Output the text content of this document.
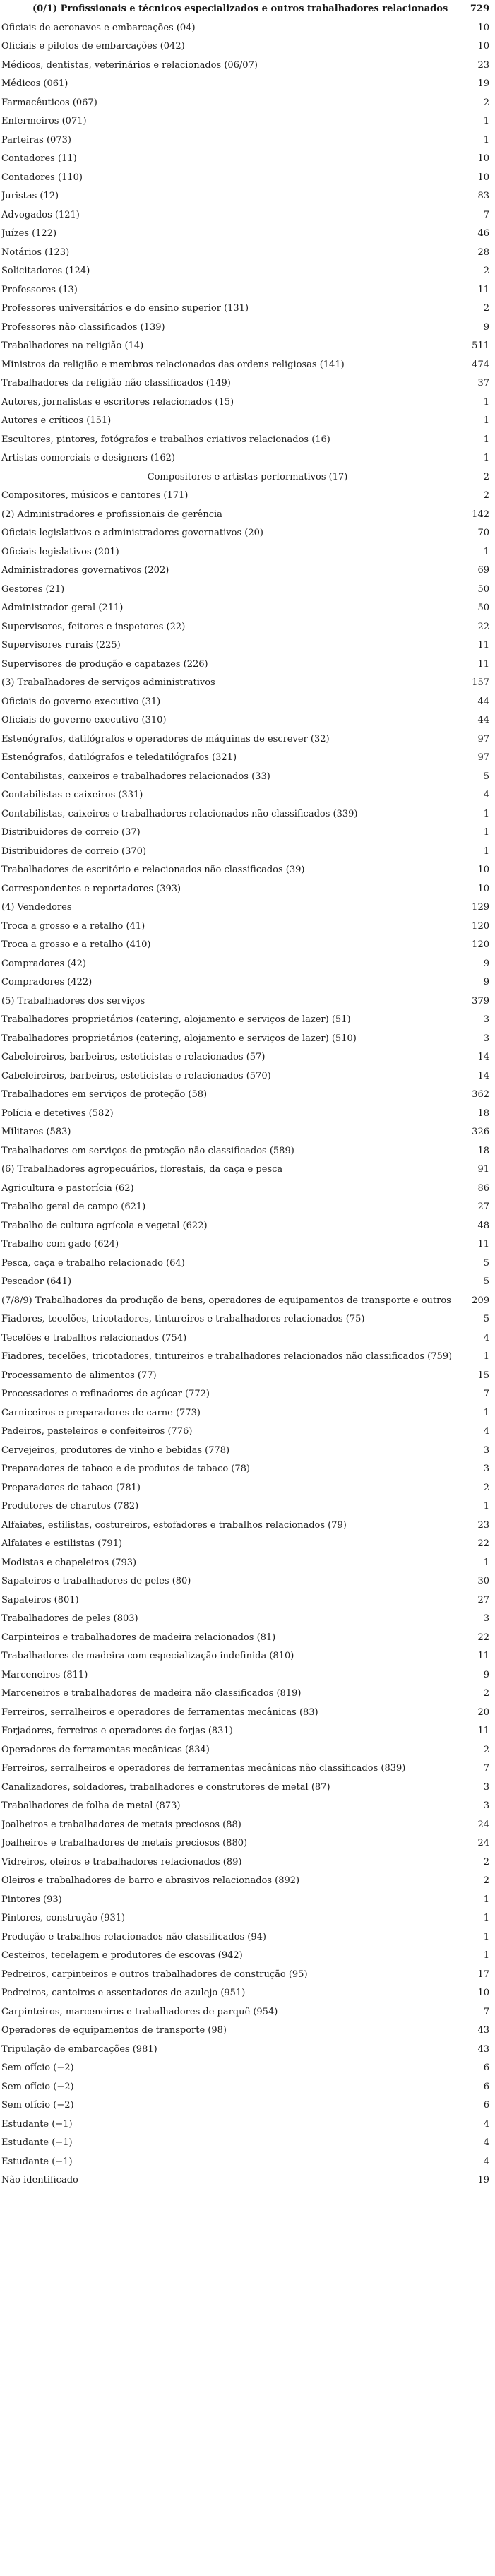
(0/1) Profissionais e técnicos especializados e outros trabalhadores relacionados	729
Oficiais de aeronaves e embarcações (04)	10
Oficiais e pilotos de embarcações (042)	10
Médicos, dentistas, veterinários e relacionados (06/07)	23
Médicos (061)	19
Farmacêuticos (067)	2
Enfermeiros (071)	1
Parteiras (073)	1
Contadores (11)	10
Contadores (110)	10
Juristas (12)	83
Advogados (121)	7
Juízes (122)	46
Notários (123)	28
Solicitadores (124)	2
Professores (13)	11
Professores universitários e do ensino superior (131)	2
Professores não classificados (139)	9
Trabalhadores na religião (14)	511
Ministros da religião e membros relacionados das ordens religiosas (141)	474
Trabalhadores da religião não classificados (149)	37
Autores, jornalistas e escritores relacionados (15)	1
Autores e críticos (151)	1
Escultores, pintores, fotógrafos e trabalhos criativos relacionados (16)	1
Artistas comerciais e designers (162)	1
Compositores e artistas performativos (17)	2
Compositores, músicos e cantores (171)	2
(2) Administradores e profissionais de gerência	142
Oficiais legislativos e administradores governativos (20)	70
Oficiais legislativos (201)	1
Administradores governativos (202)	69
Gestores (21)	50
Administrador geral (211)	50
Supervisores, feitores e inspetores (22)	22
Supervisores rurais (225)	11
Supervisores de produção e capatazes (226)	11
(3) Trabalhadores de serviços administrativos	157
Oficiais do governo executivo (31)	44
Oficiais do governo executivo (310)	44
Estenógrafos, datilógrafos e operadores de máquinas de escrever (32)	97
Estenógrafos, datilógrafos e teledatilógrafos (321)	97
Contabilistas, caixeiros e trabalhadores relacionados (33)	5
Contabilistas e caixeiros (331)	4
Contabilistas, caixeiros e trabalhadores relacionados não classificados (339)	1
Distribuidores de correio (37)	1
Distribuidores de correio (370)	1
Trabalhadores de escritório e relacionados não classificados (39)	10
Correspondentes e reportadores (393)	10
(4) Vendedores	129
Troca a grosso e a retalho (41)	120
Troca a grosso e a retalho (410)	120
Compradores (42)	9
Compradores (422)	9
(5) Trabalhadores dos serviços	379
Trabalhadores proprietários (catering, alojamento e serviços de lazer) (51)	3
Trabalhadores proprietários (catering, alojamento e serviços de lazer) (510)	3
Cabeleireiros, barbeiros, esteticistas e relacionados (57)	14
Cabeleireiros, barbeiros, esteticistas e relacionados (570)	14
Trabalhadores em serviços de proteção (58)	362
Polícia e detetives (582)	18
Militares (583)	326
Trabalhadores em serviços de proteção não classificados (589)	18
(6) Trabalhadores agropecuários, florestais, da caça e pesca	91
Agricultura e pastorícia (62)	86
Trabalho geral de campo (621)	27
Trabalho de cultura agrícola e vegetal (622)	48
Trabalho com gado (624)	11
Pesca, caça e trabalho relacionado (64)	5
Pescador (641)	5
(7/8/9) Trabalhadores da produção de bens, operadores de equipamentos de transporte e outros	209
Fiadores, tecelões, tricotadores, tintureiros e trabalhadores relacionados (75)	5
Tecelões e trabalhos relacionados (754)	4
Fiadores, tecelões, tricotadores, tintureiros e trabalhadores relacionados não classificados (759)	1
Processamento de alimentos (77)	15
Processadores e refinadores de açúcar (772)	7
Carniceiros e preparadores de carne (773)	1
Padeiros, pasteleiros e confeiteiros (776)	4
Cervejeiros, produtores de vinho e bebidas (778)	3
Preparadores de tabaco e de produtos de tabaco (78)	3
Preparadores de tabaco (781)	2
Produtores de charutos (782)	1
Alfaiates, estilistas, costureiros, estofadores e trabalhos relacionados (79)	23
Alfaiates e estilistas (791)	22
Modistas e chapeleiros (793)	1
Sapateiros e trabalhadores de peles (80)	30
Sapateiros (801)	27
Trabalhadores de peles (803)	3
Carpinteiros e trabalhadores de madeira relacionados (81)	22
Trabalhadores de madeira com especialização indefinida (810)	11
Marceneiros (811)	9
Marceneiros e trabalhadores de madeira não classificados (819)	2
Ferreiros, serralheiros e operadores de ferramentas mecânicas (83)	20
Forjadores, ferreiros e operadores de forjas (831)	11
Operadores de ferramentas mecânicas (834)	2
Ferreiros, serralheiros e operadores de ferramentas mecânicas não classificados (839)	7
Canalizadores, soldadores, trabalhadores e construtores de metal (87)	3
Trabalhadores de folha de metal (873)	3
Joalheiros e trabalhadores de metais preciosos (88)	24
Joalheiros e trabalhadores de metais preciosos (880)	24
Vidreiros, oleiros e trabalhadores relacionados (89)	2
Oleiros e trabalhadores de barro e abrasivos relacionados (892)	2
Pintores (93)	1
Pintores, construção (931)	1
Produção e trabalhos relacionados não classificados (94)	1
Cesteiros, tecelagem e produtores de escovas (942)	1
Pedreiros, carpinteiros e outros trabalhadores de construção (95)	17
Pedreiros, canteiros e assentadores de azulejo (951)	10
Carpinteiros, marceneiros e trabalhadores de parquê (954)	7
Operadores de equipamentos de transporte (98)	43
Tripulação de embarcações (981)	43
Sem ofício (−2)	6
Sem ofício (−2)	6
Sem ofício (−2)	6
Estudante (−1)	4
Estudante (−1)	4
Estudante (−1)	4
Não identificado	19
